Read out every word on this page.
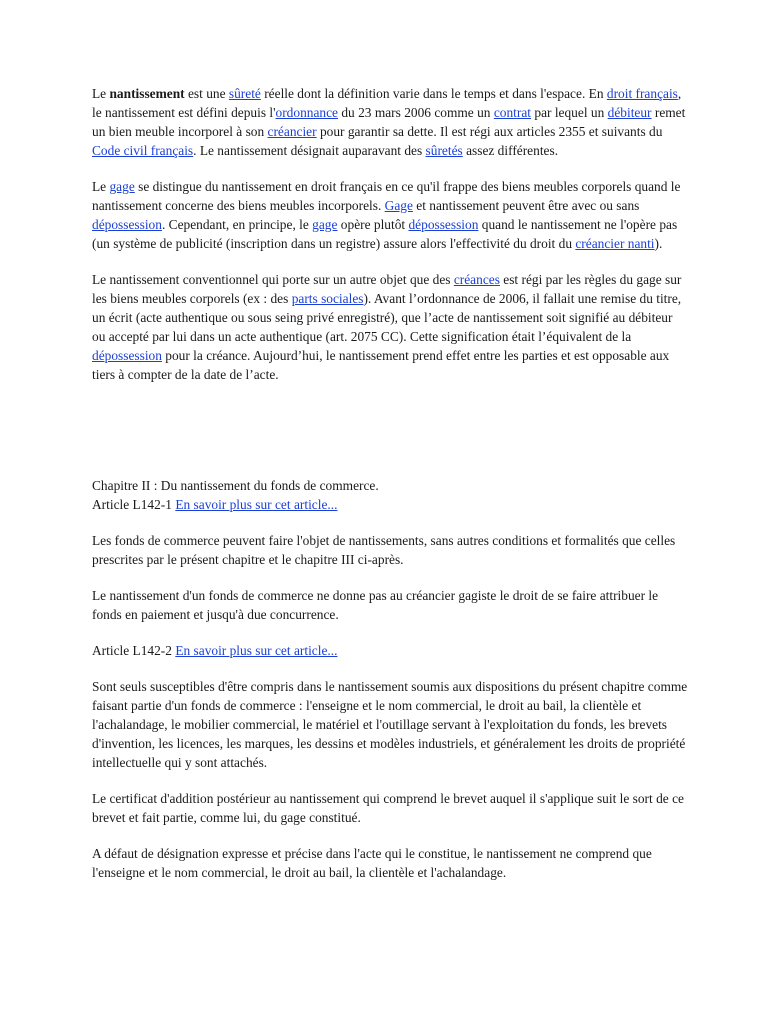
Le nantissement est une sûreté réelle dont la définition varie dans le temps et dans l'espace. En droit français, le nantissement est défini depuis l'ordonnance du 23 mars 2006 comme un contrat par lequel un débiteur remet un bien meuble incorporel à son créancier pour garantir sa dette. Il est régi aux articles 2355 et suivants du Code civil français. Le nantissement désignait auparavant des sûretés assez différentes.

Le gage se distingue du nantissement en droit français en ce qu'il frappe des biens meubles corporels quand le nantissement concerne des biens meubles incorporels. Gage et nantissement peuvent être avec ou sans dépossession. Cependant, en principe, le gage opère plutôt dépossession quand le nantissement ne l'opère pas (un système de publicité (inscription dans un registre) assure alors l'effectivité du droit du créancier nanti).

Le nantissement conventionnel qui porte sur un autre objet que des créances est régi par les règles du gage sur les biens meubles corporels (ex : des parts sociales). Avant l’ordonnance de 2006, il fallait une remise du titre, un écrit (acte authentique ou sous seing privé enregistré), que l’acte de nantissement soit signifié au débiteur ou accepté par lui dans un acte authentique (art. 2075 CC). Cette signification était l’équivalent de la dépossession pour la créance. Aujourd’hui, le nantissement prend effet entre les parties et est opposable aux tiers à compter de la date de l’acte.

Chapitre II : Du nantissement du fonds de commerce.
Article L142-1 En savoir plus sur cet article...

Les fonds de commerce peuvent faire l'objet de nantissements, sans autres conditions et formalités que celles prescrites par le présent chapitre et le chapitre III ci-après.

Le nantissement d'un fonds de commerce ne donne pas au créancier gagiste le droit de se faire attribuer le fonds en paiement et jusqu'à due concurrence.

Article L142-2 En savoir plus sur cet article...

Sont seuls susceptibles d'être compris dans le nantissement soumis aux dispositions du présent chapitre comme faisant partie d'un fonds de commerce : l'enseigne et le nom commercial, le droit au bail, la clientèle et l'achalandage, le mobilier commercial, le matériel et l'outillage servant à l'exploitation du fonds, les brevets d'invention, les licences, les marques, les dessins et modèles industriels, et généralement les droits de propriété intellectuelle qui y sont attachés.

Le certificat d'addition postérieur au nantissement qui comprend le brevet auquel il s'applique suit le sort de ce brevet et fait partie, comme lui, du gage constitué.

A défaut de désignation expresse et précise dans l'acte qui le constitue, le nantissement ne comprend que l'enseigne et le nom commercial, le droit au bail, la clientèle et l'achalandage.
